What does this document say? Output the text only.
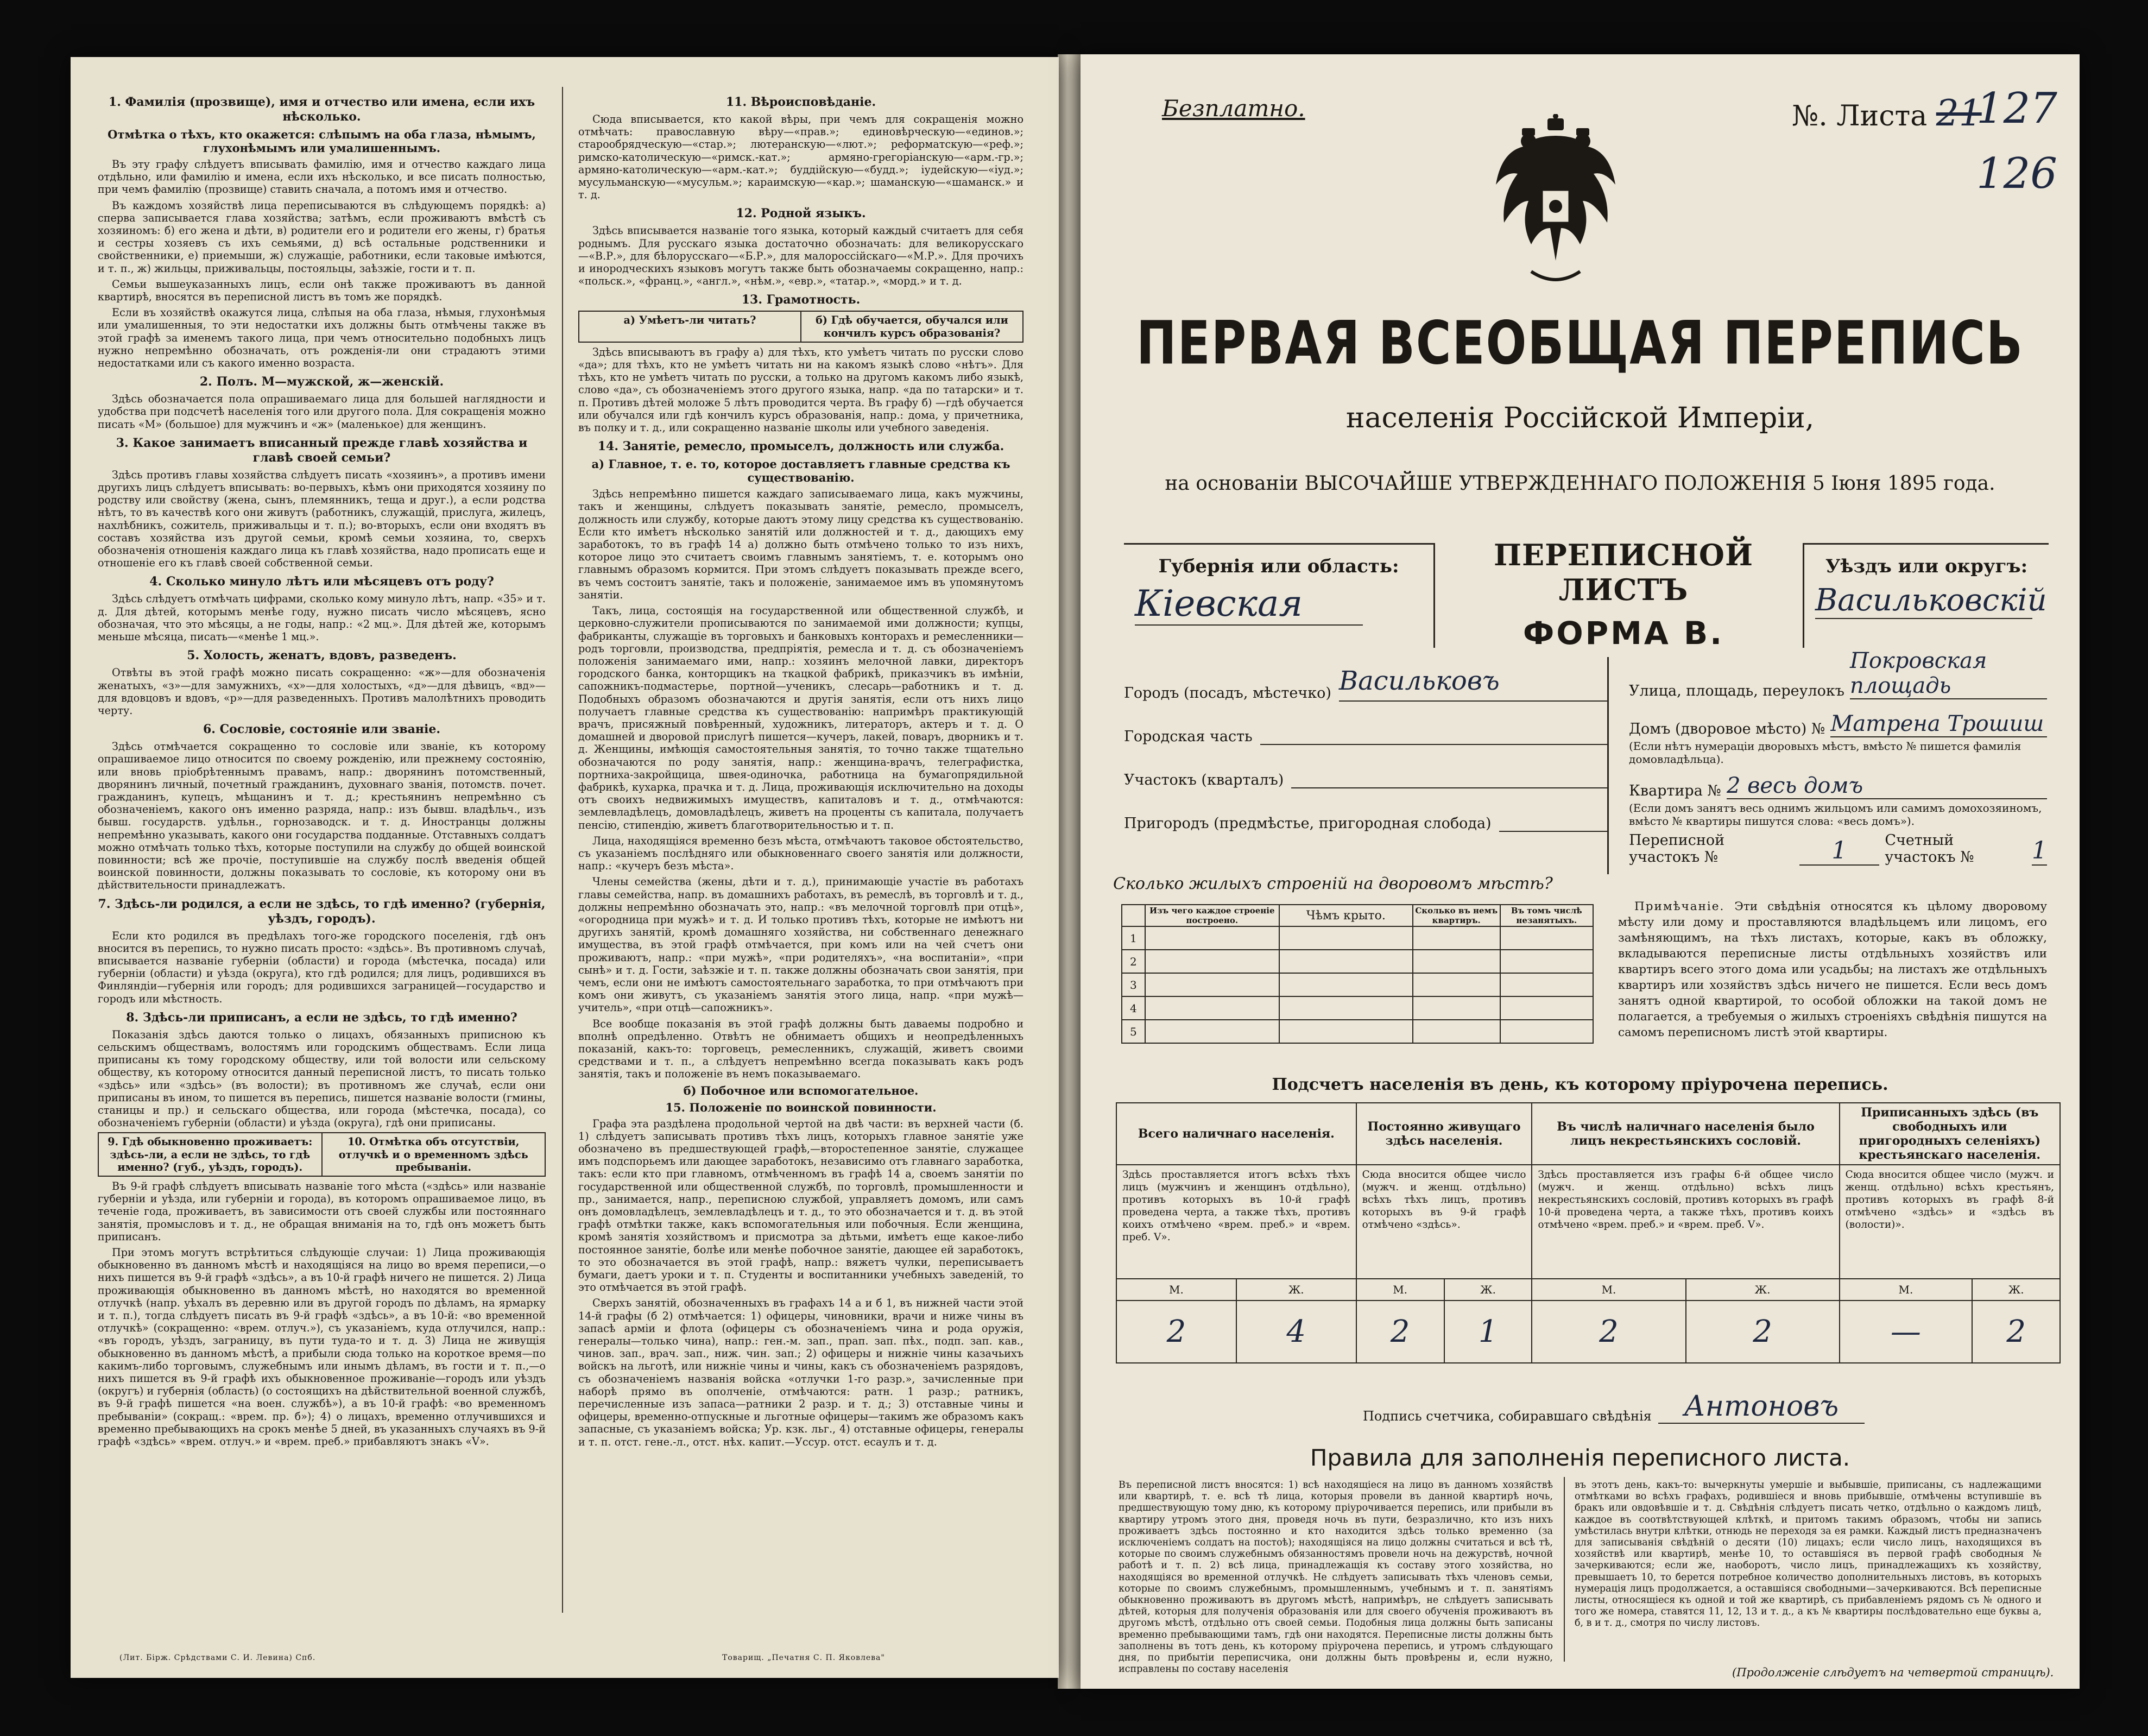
1. Фамилія (прозвище), имя и отчество или имена, если ихъ нѣсколько.
Отмѣтка о тѣхъ, кто окажется: слѣпымъ на оба глаза, нѣмымъ, глухонѣмымъ или умалишеннымъ.

Въ эту графу слѣдуетъ вписывать фамилію, имя и отчество каждаго лица отдѣльно, или фамилію и имена, если ихъ нѣсколько, и все писать полностью, при чемъ фамилію (прозвище) ставить сначала, а потомъ имя и отчество.

Въ каждомъ хозяйствѣ лица переписываются въ слѣдующемъ порядкѣ: а) сперва записывается глава хозяйства; затѣмъ, если проживаютъ вмѣстѣ съ хозяиномъ: б) его жена и дѣти, в) родители его и родители его жены, г) братья и сестры хозяевъ съ ихъ семьями, д) всѣ остальные родственники и свойственники, е) приемыши, ж) служащіе, работники, если таковые имѣются, и т. п., ж) жильцы, приживальцы, постояльцы, заѣзжіе, гости и т. п.

Семьи вышеуказанныхъ лицъ, если онѣ также проживаютъ въ данной квартирѣ, вносятся въ переписной листъ въ томъ же порядкѣ.

Если въ хозяйствѣ окажутся лица, слѣпыя на оба глаза, нѣмыя, глухонѣмыя или умалишенныя, то эти недостатки ихъ должны быть отмѣчены также въ этой графѣ за именемъ такого лица, при чемъ относительно подобныхъ лицъ нужно непремѣнно обозначать, отъ рожденія-ли они страдаютъ этими недостатками или съ какого именно возраста.

2. Полъ. М—мужской, ж—женскій.

Здѣсь обозначается пола опрашиваемаго лица для большей наглядности и удобства при подсчетѣ населенія того или другого пола. Для сокращенія можно писать «М» (большое) для мужчинъ и «ж» (маленькое) для женщинъ.

3. Какое занимаетъ вписанный прежде главѣ хозяйства и главѣ своей семьи?

Здѣсь противъ главы хозяйства слѣдуетъ писать «хозяинъ», а противъ имени другихъ лицъ слѣдуетъ вписывать: во-первыхъ, кѣмъ они приходятся хозяину по родству или свойству (жена, сынъ, племянникъ, теща и друг.), а если родства нѣтъ, то въ качествѣ кого они живутъ (работникъ, служащій, прислуга, жилецъ, нахлѣбникъ, сожитель, приживальцы и т. п.); во-вторыхъ, если они входятъ въ составъ хозяйства изъ другой семьи, кромѣ семьи хозяина, то, сверхъ обозначенія отношенія каждаго лица къ главѣ хозяйства, надо прописать еще и отношеніе его къ главѣ своей собственной семьи.

4. Сколько минуло лѣтъ или мѣсяцевъ отъ роду?

Здѣсь слѣдуетъ отмѣчать цифрами, сколько кому минуло лѣтъ, напр. «35» и т. д. Для дѣтей, которымъ менѣе году, нужно писать число мѣсяцевъ, ясно обозначая, что это мѣсяцы, а не годы, напр.: «2 мц.». Для дѣтей же, которымъ меньше мѣсяца, писать—«менѣе 1 мц.».

5. Холость, женатъ, вдовъ, разведенъ.

Отвѣты въ этой графѣ можно писать сокращенно: «ж»—для обозначенія женатыхъ, «з»—для замужнихъ, «х»—для холостыхъ, «д»—для дѣвицъ, «вд»—для вдовцовъ и вдовъ, «р»—для разведенныхъ. Противъ малолѣтнихъ проводить черту.

6. Сословіе, состояніе или званіе.

Здѣсь отмѣчается сокращенно то сословіе или званіе, къ которому опрашиваемое лицо относится по своему рожденію, или прежнему состоянію, или вновь пріобрѣтеннымъ правамъ, напр.: дворянинъ потомственный, дворянинъ личный, почетный гражданинъ, духовнаго званія, потомств. почет. гражданинъ, купецъ, мѣщанинъ и т. д.; крестьянинъ непремѣнно съ обозначеніемъ, какого онъ именно разряда, напр.: изъ бывш. владѣльч., изъ бывш. государств. удѣльн., горнозаводск. и т. д. Иностранцы должны непремѣнно указывать, какого они государства подданные. Отставныхъ солдатъ можно отмѣчать только тѣхъ, которые поступили на службу до общей воинской повинности; всѣ же прочіе, поступившіе на службу послѣ введенія общей воинской повинности, должны показывать то сословіе, къ которому они въ дѣйствительности принадлежатъ.

7. Здѣсь-ли родился, а если не здѣсь, то гдѣ именно? (губернія, уѣздъ, городъ).

Если кто родился въ предѣлахъ того-же городского поселенія, гдѣ онъ вносится въ перепись, то нужно писать просто: «здѣсь». Въ противномъ случаѣ, вписывается названіе губерніи (области) и города (мѣстечка, посада) или губерніи (области) и уѣзда (округа), кто гдѣ родился; для лицъ, родившихся въ Финляндіи—губернія или городъ; для родившихся заграницей—государство и городъ или мѣстность.

8. Здѣсь-ли приписанъ, а если не здѣсь, то гдѣ именно?

Показанія здѣсь даются только о лицахъ, обязанныхъ приписною къ сельскимъ обществамъ, волостямъ или городскимъ обществамъ. Если лица приписаны къ тому городскому обществу, или той волости или сельскому обществу, къ которому относится данный переписной листъ, то писать только «здѣсь» или «здѣсь» (въ волости); въ противномъ же случаѣ, если они приписаны въ ином, то пишется въ перепись, пишется названіе волости (гмины, станицы и пр.) и сельскаго общества, или города (мѣстечка, посада), со обозначеніемъ губерніи (области) и уѣзда (округа), гдѣ они приписаны.

9. Гдѣ обыкновенно проживаетъ: здѣсь-ли, а если не здѣсь, то гдѣ именно? (губ., уѣздъ, городъ).
10. Отмѣтка объ отсутствіи, отлучкѣ и о временномъ здѣсь пребываніи.

Въ 9-й графѣ слѣдуетъ вписывать названіе того мѣста («здѣсь» или названіе губерніи и уѣзда, или губерніи и города), въ которомъ опрашиваемое лицо, въ теченіе года, проживаетъ, въ зависимости отъ своей службы или постояннаго занятія, промысловъ и т. д., не обращая вниманія на то, гдѣ онъ можетъ быть приписанъ.

При этомъ могутъ встрѣтиться слѣдующіе случаи: 1) Лица проживающія обыкновенно въ данномъ мѣстѣ и находящіяся на лицо во время переписи,—о нихъ пишется въ 9-й графѣ «здѣсь», а въ 10-й графѣ ничего не пишется. 2) Лица проживающія обыкновенно въ данномъ мѣстѣ, но находятся во временной отлучкѣ (напр. уѣхалъ въ деревню или въ другой городъ по дѣламъ, на ярмарку и т. п.), тогда слѣдуетъ писать въ 9-й графѣ «здѣсь», а въ 10-й: «во временной отлучкѣ» (сокращенно: «врем. отлуч.»), съ указаніемъ, куда отлучился, напр.: «въ городъ, уѣздъ, заграницу, въ пути туда-то и т. д. 3) Лица не живущія обыкновенно въ данномъ мѣстѣ, а прибыли сюда только на короткое время—по какимъ-либо торговымъ, служебнымъ или инымъ дѣламъ, въ гости и т. п.,—о нихъ пишется въ 9-й графѣ ихъ обыкновенное проживаніе—городъ или уѣздъ (округъ) и губернія (область) (о состоящихъ на дѣйствительной военной службѣ, въ 9-й графѣ пишется «на воен. службѣ»), а въ 10-й графѣ: «во временномъ пребываніи» (сокращ.: «врем. пр. б»); 4) о лицахъ, временно отлучившихся и временно пребывающихъ на срокъ менѣе 5 дней, въ указанныхъ случаяхъ въ 9-й графѣ «здѣсь» «врем. отлуч.» и «врем. преб.» прибавляютъ знакъ «V».

11. Вѣроисповѣданіе.

Сюда вписывается, кто какой вѣры, при чемъ для сокращенія можно отмѣчать: православную вѣру—«прав.»; единовѣрческую—«единов.»; старообрядческую—«стар.»; лютеранскую—«лют.»; реформатскую—«реф.»; римско-католическую—«римск.-кат.»; армяно-грегоріанскую—«арм.-гр.»; армяно-католическую—«арм.-кат.»; буддійскую—«будд.»; іудейскую—«іуд.»; мусульманскую—«мусульм.»; караимскую—«кар.»; шаманскую—«шаманск.» и т. д.

12. Родной языкъ.

Здѣсь вписывается названіе того языка, который каждый считаетъ для себя роднымъ. Для русскаго языка достаточно обозначать: для великорусскаго—«В.Р.», для бѣлорусскаго—«Б.Р.», для малороссійскаго—«М.Р.». Для прочихъ и инородческихъ языковъ могутъ также быть обозначаемы сокращенно, напр.: «польск.», «франц.», «англ.», «нѣм.», «евр.», «татар.», «морд.» и т. д.

13. Грамотность.
а) Умѣетъ-ли читать?	б) Гдѣ обучается, обучался или кончилъ курсъ образованія?

Здѣсь вписываютъ въ графу а) для тѣхъ, кто умѣетъ читать по русски слово «да»; для тѣхъ, кто не умѣетъ читать ни на какомъ языкѣ слово «нѣтъ». Для тѣхъ, кто не умѣетъ читать по русски, а только на другомъ какомъ либо языкѣ, слово «да», съ обозначеніемъ этого другого языка, напр. «да по татарски» и т. п. Противъ дѣтей моложе 5 лѣтъ проводится черта. Въ графу б) —гдѣ обучается или обучался или гдѣ кончилъ курсъ образованія, напр.: дома, у причетника, въ полку и т. д., или сокращенно названіе школы или учебного заведенія.

14. Занятіе, ремесло, промыселъ, должность или служба.
а) Главное, т. е. то, которое доставляетъ главные средства къ существованію.

Здѣсь непремѣнно пишется каждаго записываемаго лица, какъ мужчины, такъ и женщины, слѣдуетъ показывать занятіе, ремесло, промыселъ, должность или службу, которые даютъ этому лицу средства къ существованію. Если кто имѣетъ нѣсколько занятій или должностей и т. д., дающихъ ему заработокъ, то въ графѣ 14 а) должно быть отмѣчено только то изъ нихъ, которое лицо это считаетъ своимъ главнымъ занятіемъ, т. е. которымъ оно главнымъ образомъ кормится. При этомъ слѣдуетъ показывать прежде всего, въ чемъ состоитъ занятіе, такъ и положеніе, занимаемое имъ въ упомянутомъ занятіи.

Такъ, лица, состоящія на государственной или общественной службѣ, и церковно-служители прописываются по занимаемой ими должности; купцы, фабриканты, служащіе въ торговыхъ и банковыхъ конторахъ и ремесленники—родъ торговли, производства, предпріятія, ремесла и т. д. съ обозначеніемъ положенія занимаемаго ими, напр.: хозяинъ мелочной лавки, директоръ городского банка, конторщикъ на ткацкой фабрикѣ, приказчикъ въ имѣніи, сапожникъ-подмастерье, портной—ученикъ, слесарь—работникъ и т. д. Подобныхъ образомъ обозначаются и другія занятія, если отъ нихъ лицо получаетъ главные средства къ существованію: напримѣръ практикующій врачъ, присяжный повѣренный, художникъ, литераторъ, актеръ и т. д. О домашней и дворовой прислугѣ пишется—кучеръ, лакей, поваръ, дворникъ и т. д. Женщины, имѣющія самостоятельныя занятія, то точно также тщательно обозначаются по роду занятія, напр.: женщина-врачъ, телеграфистка, портниха-закройщица, швея-одиночка, работница на бумагопрядильной фабрикѣ, кухарка, прачка и т. д. Лица, проживающія исключительно на доходы отъ своихъ недвижимыхъ имуществъ, капиталовъ и т. д., отмѣчаются: землевладѣлецъ, домовладѣлецъ, живетъ на проценты съ капитала, получаетъ пенсію, стипендію, живетъ благотворительностью и т. п.

Лица, находящіяся временно безъ мѣста, отмѣчаютъ таковое обстоятельство, съ указаніемъ послѣдняго или обыкновеннаго своего занятія или должности, напр.: «кучеръ безъ мѣста».

Члены семейства (жены, дѣти и т. д.), принимающіе участіе въ работахъ главы семейства, напр. въ домашнихъ работахъ, въ ремеслѣ, въ торговлѣ и т. д., должны непремѣнно обозначать это, напр.: «въ мелочной торговлѣ при отцѣ», «огородница при мужѣ» и т. д. И только противъ тѣхъ, которые не имѣютъ ни другихъ занятій, кромѣ домашняго хозяйства, ни собственнаго денежнаго имущества, въ этой графѣ отмѣчается, при комъ или на чей счетъ они проживаютъ, напр.: «при мужѣ», «при родителяхъ», «на воспитаніи», «при сынѣ» и т. д. Гости, заѣзжіе и т. п. также должны обозначать свои занятія, при чемъ, если они не имѣютъ самостоятельнаго заработка, то при отмѣчаютъ при комъ они живутъ, съ указаніемъ занятія этого лица, напр. «при мужѣ—учитель», «при отцѣ—сапожникъ».

Все вообще показанія въ этой графѣ должны быть даваемы подробно и вполнѣ опредѣленно. Отвѣтъ не обнимаетъ общихъ и неопредѣленныхъ показаній, какъ-то: торговецъ, ремесленникъ, служащій, живетъ своими средствами и т. п., а слѣдуетъ непремѣнно всегда показывать какъ родъ занятія, такъ и положеніе въ немъ показываемаго.

б) Побочное или вспомогательное.
15. Положеніе по воинской повинности.

Графа эта раздѣлена продольной чертой на двѣ части: въ верхней части (б. 1) слѣдуетъ записывать противъ тѣхъ лицъ, которыхъ главное занятіе уже обозначено въ предшествующей графѣ,—второстепенное занятіе, служащее имъ подспорьемъ или дающее заработокъ, независимо отъ главнаго заработка, такъ: если кто при главномъ, отмѣченномъ въ графѣ 14 а, своемъ занятіи по государственной или общественной службѣ, по торговлѣ, промышленности и пр., занимается, напр., переписною службой, управляетъ домомъ, или самъ онъ домовладѣлецъ, землевладѣлецъ и т. д., то это обозначается и т. д. въ этой графѣ отмѣтки также, какъ вспомогательныя или побочныя. Если женщина, кромѣ занятія хозяйствомъ и присмотра за дѣтьми, имѣетъ еще какое-либо постоянное занятіе, болѣе или менѣе побочное занятіе, дающее ей заработокъ, то это обозначается въ этой графѣ, напр.: вяжетъ чулки, переписываетъ бумаги, даетъ уроки и т. п. Студенты и воспитанники учебныхъ заведеній, то это отмѣчается въ этой графѣ.

Сверхъ занятій, обозначенныхъ въ графахъ 14 а и б 1, въ нижней части этой 14-й графы (б 2) отмѣчается: 1) офицеры, чиновники, врачи и ниже чины въ запасѣ арміи и флота (офицеры съ обозначеніемъ чина и рода оружія, генералы—только чина), напр.: ген.-м. зап., прап. зап. пѣх., подп. зап. кав., чинов. зап., врач. зап., ниж. чин. зап.; 2) офицеры и нижніе чины казачьихъ войскъ на льготѣ, или нижніе чины и чины, какъ съ обозначеніемъ разрядовъ, съ обозначеніемъ названія войска «отлучки 1-го разр.», зачисленные при наборѣ прямо въ ополченіе, отмѣчаются: ратн. 1 разр.; ратникъ, перечисленные изъ запаса—ратники 2 разр. и т. д.; 3) отставные чины и офицеры, временно-отпускные и льготные офицеры—такимъ же образомъ какъ запасные, съ указаніемъ войска; Ур. кзк. льг., 4) отставные офицеры, генералы и т. п. отст. гене.-л., отст. нѣх. капит.—Уссур. отст. есаулъ и т. д.

(Лит. Бірж. Срѣдствами С. И. Левина) Спб.	Товарищ. „Печатня С. П. Яковлева"
Безплатно.	№. Листа 21
127
126
ПЕРВАЯ ВСЕОБЩАЯ ПЕРЕПИСЬ
населенія Россійской Имперіи,
на основаніи ВЫСОЧАЙШЕ УТВЕРЖДЕННАГО ПОЛОЖЕНІЯ 5 Іюня 1895 года.
Губернія или область:
Кіевская
ПЕРЕПИСНОЙ ЛИСТЪ
ФОРМА В.
Уѣздъ или округъ:
Васильковскій
Городъ (посадъ, мѣстечко) Васильковъ
Городская часть
Участокъ (кварталъ)
Пригородъ (предмѣстье, пригородная слобода)
Улица, площадь, переулокъ
Покровская площадь
Домъ (дворовое мѣсто) № Матрена Трошиш
(Если нѣтъ нумераціи дворовыхъ мѣстъ, вмѣсто № пишется фамилія домовладѣльца).
Квартира № 2 весь домъ
(Если домъ занятъ весь однимъ жильцомъ или самимъ домохозяиномъ, вмѣсто № квартиры пишутся слова: «весь домъ»).
Переписной участокъ №	1	Счетный участокъ №	1
Сколько жилыхъ строеній на дворовомъ мѣстѣ?
	Изъ чего каждое строеніе построено.	Чѣмъ крыто.	Сколько въ немъ квартиръ.	Въ томъ числѣ незанятыхъ.
1				
2				
3				
4				
5				
Примѣчаніе. Эти свѣдѣнія относятся къ цѣлому дворовому мѣсту или дому и проставляются владѣльцемъ или лицомъ, его замѣняющимъ, на тѣхъ листахъ, которые, какъ въ обложку, вкладываются переписные листы отдѣльныхъ хозяйствъ или квартиръ всего этого дома или усадьбы; на листахъ же отдѣльныхъ квартиръ или хозяйствъ здѣсь ничего не пишется. Если весь домъ занятъ одной квартирой, то особой обложки на такой домъ не полагается, а требуемыя о жилыхъ строеніяхъ свѣдѣнія пишутся на самомъ переписномъ листѣ этой квартиры.
Подсчетъ населенія въ день, къ которому пріурочена перепись.
Всего наличнаго населенія.		Постоянно живущаго здѣсь населенія.		Въ числѣ наличнаго населенія было лицъ некрестьянскихъ сословій.		Приписанныхъ здѣсь (въ свободныхъ или пригородныхъ селеніяхъ) крестьянскаго населенія.	
Здѣсь проставляется итогъ всѣхъ тѣхъ лицъ (мужчинъ и женщинъ отдѣльно), противъ которыхъ въ 10-й графѣ проведена черта, а также тѣхъ, противъ коихъ отмѣчено «врем. преб.» и «врем. преб. V».		Сюда вносится общее число (мужч. и женщ. отдѣльно) всѣхъ тѣхъ лицъ, противъ которыхъ въ 9-й графѣ отмѣчено «здѣсь».		Здѣсь проставляется изъ графы 6-й общее число (мужч. и женщ. отдѣльно) всѣхъ лицъ некрестьянскихъ сословій, противъ которыхъ въ графѣ 10-й проведена черта, а также тѣхъ, противъ коихъ отмѣчено «врем. преб.» и «врем. преб. V».		Сюда вносится общее число (мужч. и женщ. отдѣльно) всѣхъ крестьянъ, противъ которыхъ въ графѣ 8-й отмѣчено «здѣсь» и «здѣсь въ (волости)».	
М.	Ж.	М.	Ж.	М.	Ж.	М.	Ж.
2	4	2	1	2	2	—	2
Подпись счетчика, собиравшаго свѣдѣнія	Антоновъ
Правила для заполненія переписного листа.
Въ переписной листъ вносятся: 1) всѣ находящіеся на лицо въ данномъ хозяйствѣ или квартирѣ, т. е. всѣ тѣ лица, которыя провели въ данной квартирѣ ночь, предшествующую тому дню, къ которому пріурочивается перепись, или прибыли въ квартиру утромъ этого дня, проведя ночь въ пути, безразлично, кто изъ нихъ проживаетъ здѣсь постоянно и кто находится здѣсь только временно (за исключеніемъ солдатъ на постоѣ); находящіяся на лицо должны считаться и всѣ тѣ, которые по своимъ служебнымъ обязанностямъ провели ночь на дежурствѣ, ночной работѣ и т. п. 2) всѣ лица, принадлежащія къ составу этого хозяйства, но находящіяся во временной отлучкѣ. Не слѣдуетъ записывать тѣхъ членовъ семьи, которые по своимъ служебнымъ, промышленнымъ, учебнымъ и т. п. занятіямъ обыкновенно проживаютъ въ другомъ мѣстѣ, напримѣръ, не слѣдуетъ записывать дѣтей, которыя для полученія образованія или для своего обученія проживаютъ въ другомъ мѣстѣ, отдѣльно отъ своей семьи. Подобныя лица должны быть записаны временно пребывающими тамъ, гдѣ они находятся. Переписные листы должны быть заполнены въ тотъ день, къ которому пріурочена перепись, и утромъ слѣдующаго дня, по прибытіи переписчика, они должны быть провѣрены и, если нужно, исправлены по составу населенія
въ этотъ день, какъ-то: вычеркнуты умершіе и выбывшіе, приписаны, съ надлежащими отмѣтками во всѣхъ графахъ, родившіеся и вновь прибывшіе, отмѣчены вступившіе въ бракъ или овдовѣвшіе и т. д. Свѣдѣнія слѣдуетъ писать четко, отдѣльно о каждомъ лицѣ, каждое въ соотвѣтствующей клѣткѣ, и притомъ такимъ образомъ, чтобы ни запись умѣстилась внутри клѣтки, отнюдь не переходя за ея рамки. Каждый листъ предназначенъ для записыванія свѣдѣній о десяти (10) лицахъ; если число лицъ, находящихся въ хозяйствѣ или квартирѣ, менѣе 10, то оставшіяся въ первой графѣ свободныя № зачеркиваются; если же, наоборотъ, число лицъ, принадлежащихъ къ хозяйству, превышаетъ 10, то берется потребное количество дополнительныхъ листовъ, въ которыхъ нумерація лицъ продолжается, а оставшіяся свободными—зачеркиваются. Всѣ переписные листы, относящіеся къ одной и той же квартирѣ, съ прибавленіемъ рядомъ съ № одного и того же номера, ставятся 11, 12, 13 и т. д., а къ № квартиры послѣдовательно еще буквы а, б, в и т. д., смотря по числу листовъ.
(Продолженіе слѣдуетъ на четвертой страницѣ).
